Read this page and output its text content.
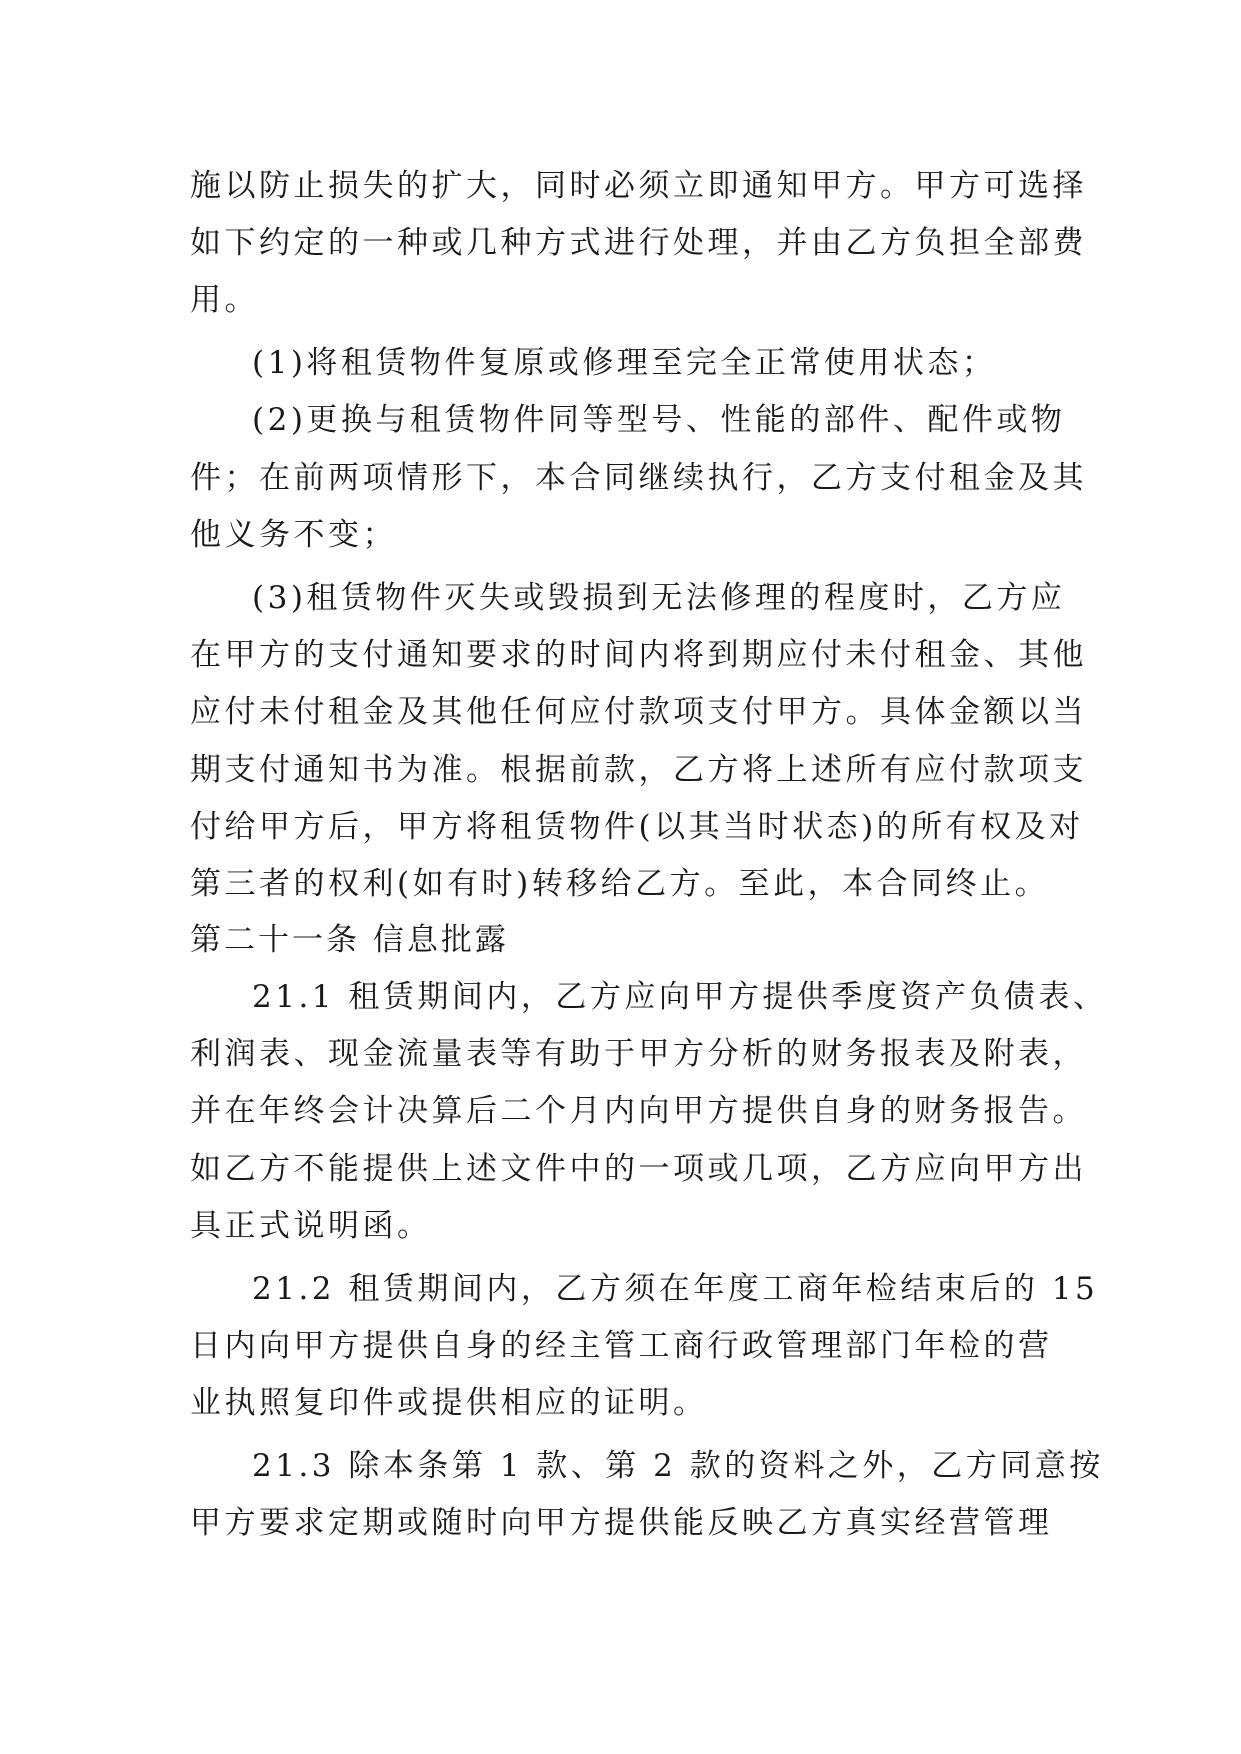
施以防止损失的扩大，同时必须立即通知甲方。甲方可选择
如下约定的一种或几种方式进行处理，并由乙方负担全部费
用。
(1)将租赁物件复原或修理至完全正常使用状态；
(2)更换与租赁物件同等型号、性能的部件、配件或物
件；在前两项情形下，本合同继续执行，乙方支付租金及其
他义务不变；
(3)租赁物件灭失或毁损到无法修理的程度时，乙方应
在甲方的支付通知要求的时间内将到期应付未付租金、其他
应付未付租金及其他任何应付款项支付甲方。具体金额以当
期支付通知书为准。根据前款，乙方将上述所有应付款项支
付给甲方后，甲方将租赁物件(以其当时状态)的所有权及对
第三者的权利(如有时)转移给乙方。至此，本合同终止。
第二十一条 信息批露
21.1 租赁期间内，乙方应向甲方提供季度资产负债表、
利润表、现金流量表等有助于甲方分析的财务报表及附表，
并在年终会计决算后二个月内向甲方提供自身的财务报告。
如乙方不能提供上述文件中的一项或几项，乙方应向甲方出
具正式说明函。
21.2 租赁期间内，乙方须在年度工商年检结束后的 15
日内向甲方提供自身的经主管工商行政管理部门年检的营
业执照复印件或提供相应的证明。
21.3 除本条第 1 款、第 2 款的资料之外，乙方同意按
甲方要求定期或随时向甲方提供能反映乙方真实经营管理
